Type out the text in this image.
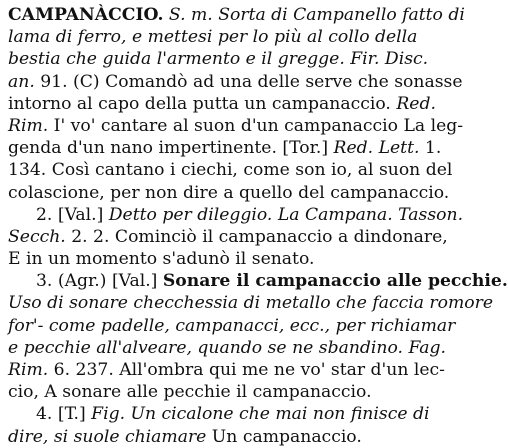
CAMPANÀCCIO. S. m. Sorta di Campanello fatto di
lama di ferro, e mettesi per lo più al collo della
bestia che guida l'armento e il gregge. Fir. Disc.
an. 91. (C) Comandò ad una delle serve che sonasse
intorno al capo della putta un campanaccio. Red.
Rim. I' vo' cantare al suon d'un campanaccio La leg-
genda d'un nano impertinente. [Tor.] Red. Lett. 1.
134. Così cantano i ciechi, come son io, al suon del
colascione, per non dire a quello del campanaccio.
2. [Val.] Detto per dileggio. La Campana. Tasson.
Secch. 2. 2. Cominciò il campanaccio a dindonare,
E in un momento s'adunò il senato.
3. (Agr.) [Val.] Sonare il campanaccio alle pecchie.
Uso di sonare checchessia di metallo che faccia romore
for'- come padelle, campanacci, ecc., per richiamar
e pecchie all'alveare, quando se ne sbandino. Fag.
Rim. 6. 237. All'ombra qui me ne vo' star d'un lec-
cio, A sonare alle pecchie il campanaccio.
4. [T.] Fig. Un cicalone che mai non finisce di
dire, si suole chiamare Un campanaccio.
